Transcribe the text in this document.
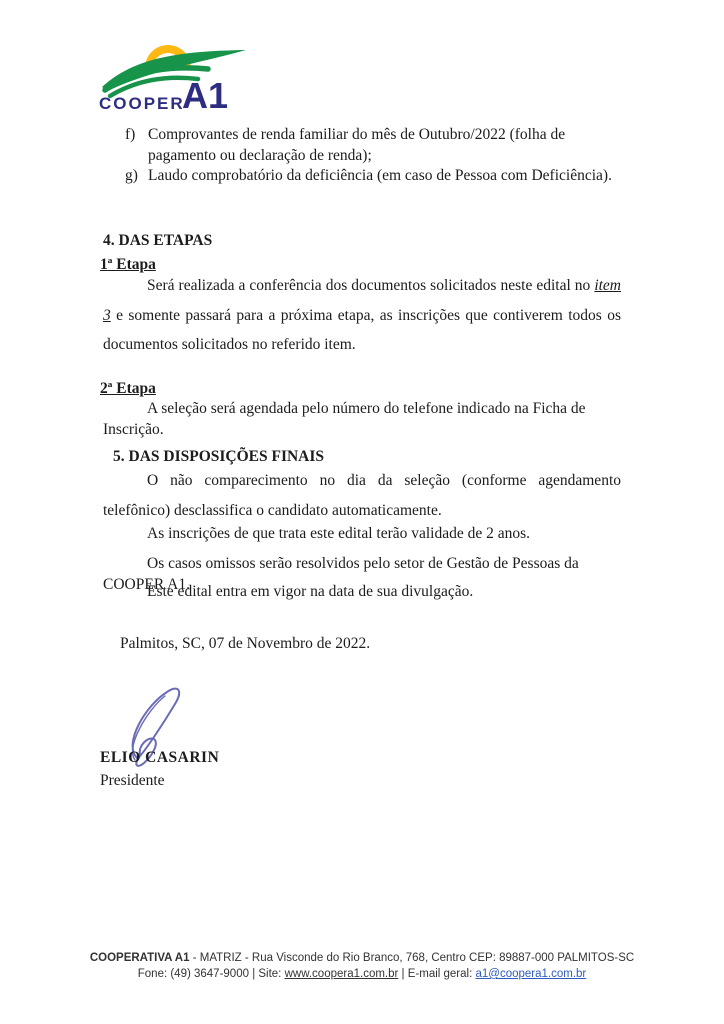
COOPER
A1
f) Comprovantes de renda familiar do mês de Outubro/2022 (folha de pagamento ou declaração de renda);
g) Laudo comprobatório da deficiência (em caso de Pessoa com Deficiência).
4. DAS ETAPAS
1ª Etapa
Será realizada a conferência dos documentos solicitados neste edital no item 3 e somente passará para a próxima etapa, as inscrições que contiverem todos os documentos solicitados no referido item.
2ª Etapa
A seleção será agendada pelo número do telefone indicado na Ficha de Inscrição.
5. DAS DISPOSIÇÕES FINAIS
O não comparecimento no dia da seleção (conforme agendamento telefônico) desclassifica o candidato automaticamente.
As inscrições de que trata este edital terão validade de 2 anos.
Os casos omissos serão resolvidos pelo setor de Gestão de Pessoas da COOPER A1.
Este edital entra em vigor na data de sua divulgação.
Palmitos, SC, 07 de Novembro de 2022.
ELIO CASARIN
Presidente
COOPERATIVA A1 - MATRIZ - Rua Visconde do Rio Branco, 768, Centro CEP: 89887-000 PALMITOS-SC
Fone: (49) 3647-9000 | Site: www.coopera1.com.br | E-mail geral: a1@coopera1.com.br
